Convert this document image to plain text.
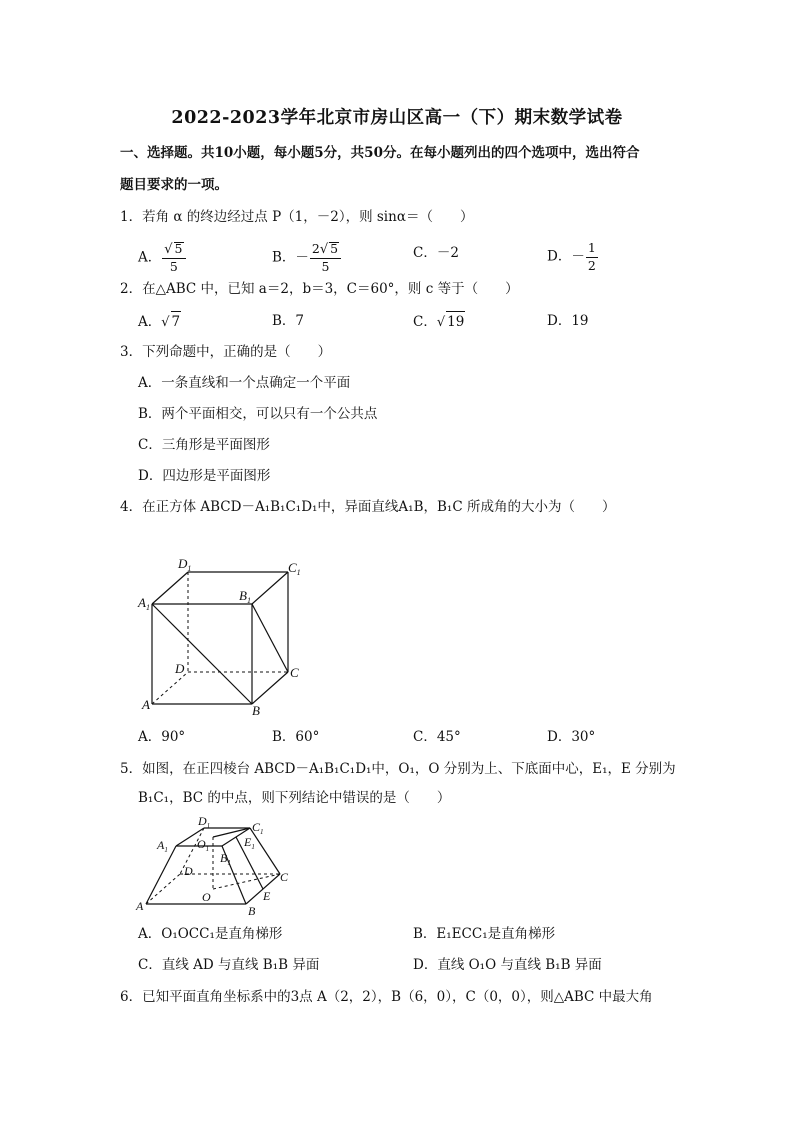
2022-2023学年北京市房山区高一（下）期末数学试卷
一、选择题。共10小题，每小题5分，共50分。在每小题列出的四个选项中，选出符合
题目要求的一项。
1．若角 α 的终边经过点 P（1，－2），则 sinα＝（　　）
A． $\frac{√ 5}{5}$	B．－ $\frac{2√ 5}{5}$	C．－2	D．－ $\frac{1}{2}$
2．在△ABC 中，已知 a＝2，b＝3，C＝60°，则 c 等于（　　）
A．√ 7	B．7	C．√ 19	D．19
3．下列命题中，正确的是（　　）
A．一条直线和一个点确定一个平面
B．两个平面相交，可以只有一个公共点
C．三角形是平面图形
D．四边形是平面图形
4．在正方体 ABCD－A₁B₁C₁D₁中，异面直线A₁B，B₁C 所成角的大小为（　　）
$D_1$	$C_1$
$A_1$
$B_1$
D	C
A	B
A．90°	B．60°	C．45°	D．30°
5．如图，在正四棱台 ABCD－A₁B₁C₁D₁中，O₁，O 分别为上、下底面中心，E₁，E 分别为
B₁C₁，BC 的中点，则下列结论中错误的是（　　）
$D_1$	$C_1$
$A_1$ $O_1$	$E_1$
$B_1$
D	C
O	E
A	B
A．O₁OCC₁是直角梯形	B．E₁ECC₁是直角梯形
C．直线 AD 与直线 B₁B 异面	D．直线 O₁O 与直线 B₁B 异面
6．已知平面直角坐标系中的3点 A（2，2），B（6，0），C（0，0），则△ABC 中最大角
